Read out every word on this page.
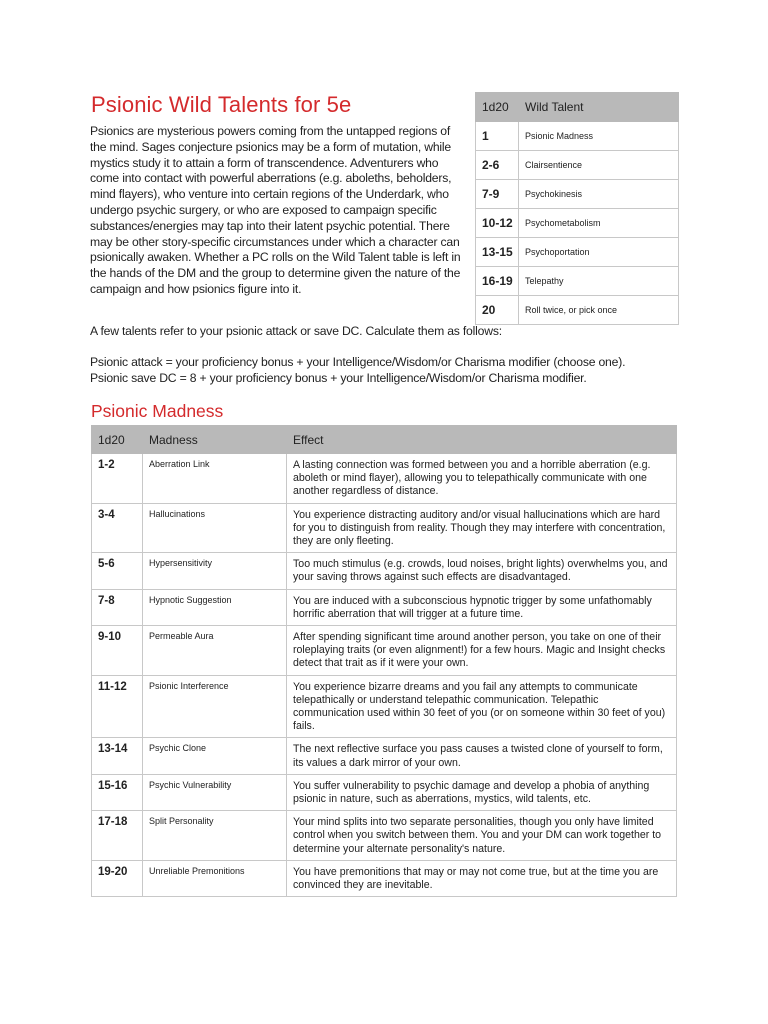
Psionic Wild Talents for 5e

Psionics are mysterious powers coming from the untapped regions of the mind. Sages conjecture psionics may be a form of mutation, while mystics study it to attain a form of transcendence. Adventurers who come into contact with powerful aberrations (e.g. aboleths, beholders, mind flayers), who venture into certain regions of the Underdark, who undergo psychic surgery, or who are exposed to campaign specific substances/energies may tap into their latent psychic potential. There may be other story-specific circumstances under which a character can psionically awaken. Whether a PC rolls on the Wild Talent table is left in the hands of the DM and the group to determine given the nature of the campaign and how psionics figure into it.

1d20	Wild Talent
1	Psionic Madness
2-6	Clairsentience
7-9	Psychokinesis
10-12	Psychometabolism
13-15	Psychoportation
16-19	Telepathy
20	Roll twice, or pick once

A few talents refer to your psionic attack or save DC. Calculate them as follows:

Psionic attack = your proficiency bonus + your Intelligence/Wisdom/or Charisma modifier (choose one).
Psionic save DC = 8 + your proficiency bonus + your Intelligence/Wisdom/or Charisma modifier.
Psionic Madness
1d20	Madness	Effect
1-2	Aberration Link	A lasting connection was formed between you and a horrible aberration (e.g. aboleth or mind flayer), allowing you to telepathically communicate with one another regardless of distance.
3-4	Hallucinations	You experience distracting auditory and/or visual hallucinations which are hard for you to distinguish from reality. Though they may interfere with concentration, they are only fleeting.
5-6	Hypersensitivity	Too much stimulus (e.g. crowds, loud noises, bright lights) overwhelms you, and your saving throws against such effects are disadvantaged.
7-8	Hypnotic Suggestion	You are induced with a subconscious hypnotic trigger by some unfathomably horrific aberration that will trigger at a future time.
9-10	Permeable Aura	After spending significant time around another person, you take on one of their roleplaying traits (or even alignment!) for a few hours. Magic and Insight checks detect that trait as if it were your own.
11-12	Psionic Interference	You experience bizarre dreams and you fail any attempts to communicate telepathically or understand telepathic communication. Telepathic communication used within 30 feet of you (or on someone within 30 feet of you) fails.
13-14	Psychic Clone	The next reflective surface you pass causes a twisted clone of yourself to form, its values a dark mirror of your own.
15-16	Psychic Vulnerability	You suffer vulnerability to psychic damage and develop a phobia of anything psionic in nature, such as aberrations, mystics, wild talents, etc.
17-18	Split Personality	Your mind splits into two separate personalities, though you only have limited control when you switch between them. You and your DM can work together to determine your alternate personality's nature.
19-20	Unreliable Premonitions	You have premonitions that may or may not come true, but at the time you are convinced they are inevitable.
